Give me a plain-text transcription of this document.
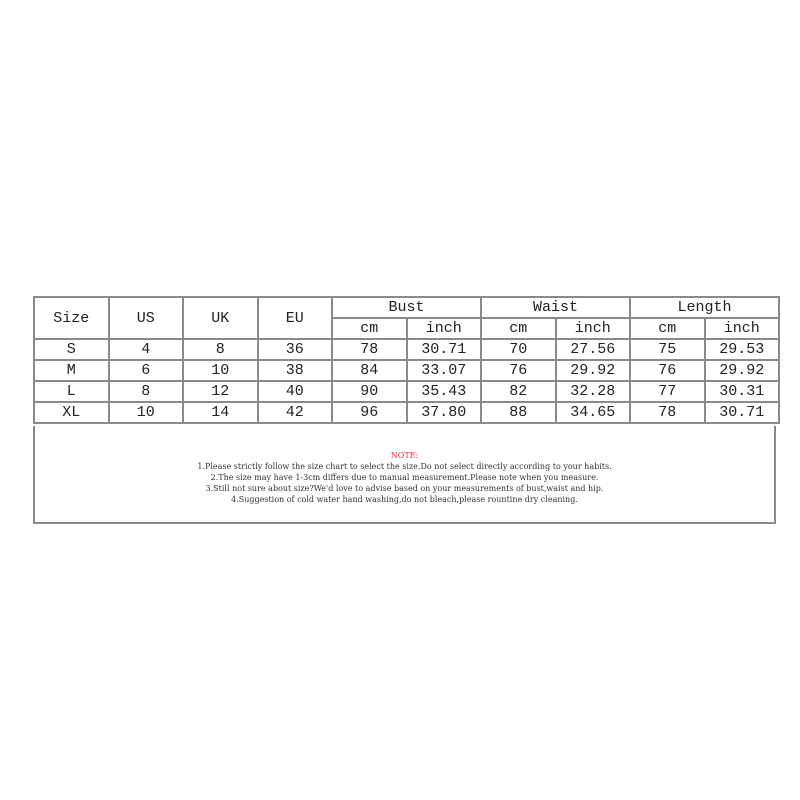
Size	US	UK	EU	Bust		Waist		Length	
				cm	inch	cm	inch	cm	inch
S	4	8	36	78	30.71	70	27.56	75	29.53
M	6	10	38	84	33.07	76	29.92	76	29.92
L	8	12	40	90	35.43	82	32.28	77	30.31
XL	10	14	42	96	37.80	88	34.65	78	30.71
NOTE:
1.Please strictly follow the size chart to select the size.Do not select directly according to your habits.
2.The size may have 1-3cm differs due to manual measurement.Please note when you measure.
3.Still not sure about size?We'd love to advise based on your measurements of bust,waist and hip.
4.Suggestion of cold water hand washing,do not bleach,please rountine dry cleaning.
